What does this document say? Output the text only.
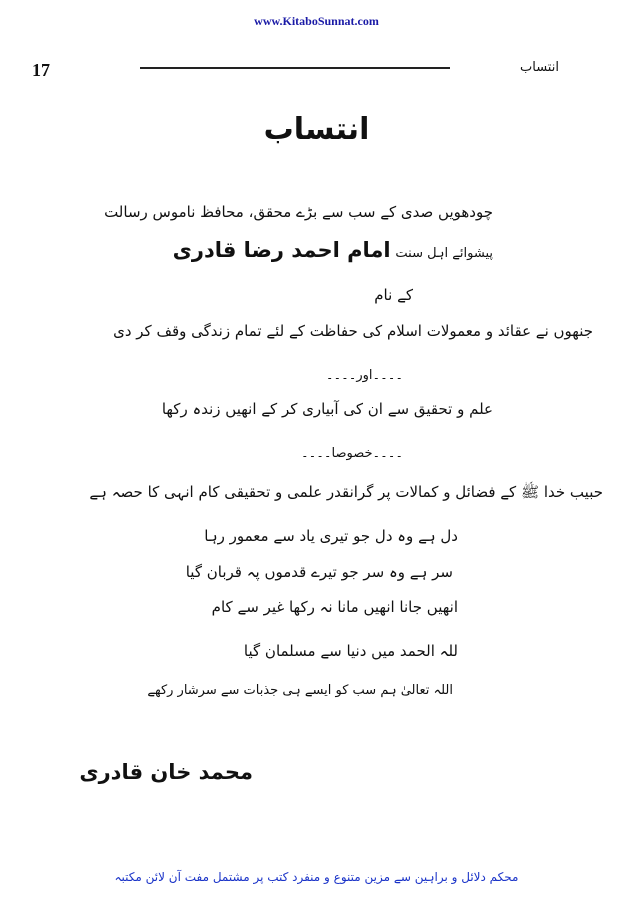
www.KitaboSunnat.com
17	انتساب
انتساب
چودھویں صدی کے سب سے بڑے محقق، محافظ ناموس رسالت
پیشوائے اہل سنت امام احمد رضا قادری
کے نام
جنھوں نے عقائد و معمولات اسلام کی حفاظت کے لئے تمام زندگی وقف کر دی
۔۔۔۔اور۔۔۔۔
علم و تحقیق سے ان کی آبیاری کر کے انھیں زندہ رکھا
۔۔۔۔خصوصا۔۔۔۔
حبیب خدا ﷺ کے فضائل و کمالات پر گرانقدر علمی و تحقیقی کام انہی کا حصہ ہے
دل ہے وہ دل جو تیری یاد سے معمور رہا
سر ہے وہ سر جو تیرے قدموں پہ قربان گیا
انھیں جانا انھیں مانا نہ رکھا غیر سے کام
للہ الحمد میں دنیا سے مسلمان گیا
اللہ تعالیٰ ہم سب کو ایسے ہی جذبات سے سرشار رکھے
محمد خان قادری
محکم دلائل و براہین سے مزین متنوع و منفرد کتب پر مشتمل مفت آن لائن مکتبہ
